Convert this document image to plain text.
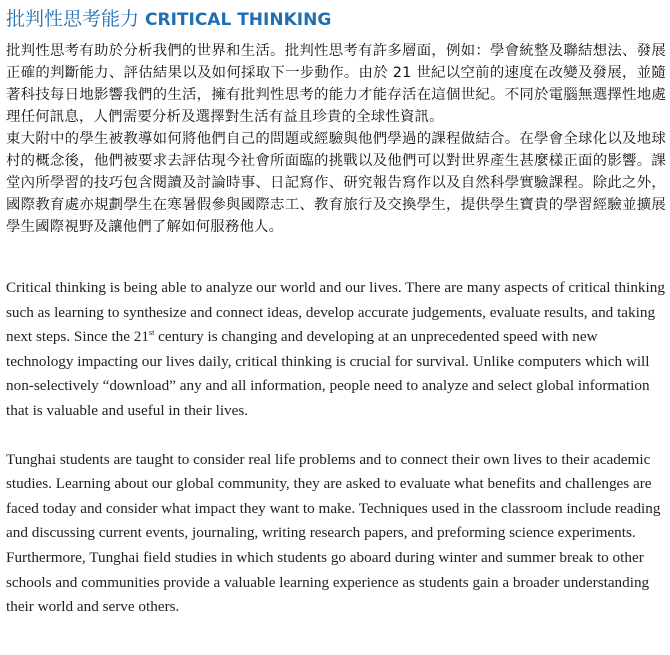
批判性思考能力 CRITICAL THINKING

批判性思考有助於分析我們的世界和生活。批判性思考有許多層面，例如：學會統整及聯結想法、發展正確的判斷能力、評估結果以及如何採取下一步動作。由於 21 世紀以空前的速度在改變及發展，並隨著科技每日地影響我們的生活，擁有批判性思考的能力才能存活在這個世紀。不同於電腦無選擇性地處理任何訊息，人們需要分析及選擇對生活有益且珍貴的全球性資訊。

東大附中的學生被教導如何將他們自己的問題或經驗與他們學過的課程做結合。在學會全球化以及地球村的概念後，他們被要求去評估現今社會所面臨的挑戰以及他們可以對世界產生甚麼樣正面的影響。課堂內所學習的技巧包含閱讀及討論時事、日記寫作、研究報告寫作以及自然科學實驗課程。除此之外，國際教育處亦規劃學生在寒暑假參與國際志工、教育旅行及交換學生，提供學生寶貴的學習經驗並擴展學生國際視野及讓他們了解如何服務他人。

Critical thinking is being able to analyze our world and our lives. There are many aspects of critical thinking such as learning to synthesize and connect ideas, develop accurate judgements, evaluate results, and taking next steps. Since the 21st century is changing and developing at an unprecedented speed with new technology impacting our lives daily, critical thinking is crucial for survival. Unlike computers which will non-selectively “download” any and all information, people need to analyze and select global information that is valuable and useful in their lives.

Tunghai students are taught to consider real life problems and to connect their own lives to their academic studies. Learning about our global community, they are asked to evaluate what benefits and challenges are faced today and consider what impact they want to make. Techniques used in the classroom include reading and discussing current events, journaling, writing research papers, and preforming science experiments. Furthermore, Tunghai field studies in which students go aboard during winter and summer break to other schools and communities provide a valuable learning experience as students gain a broader understanding their world and serve others.
